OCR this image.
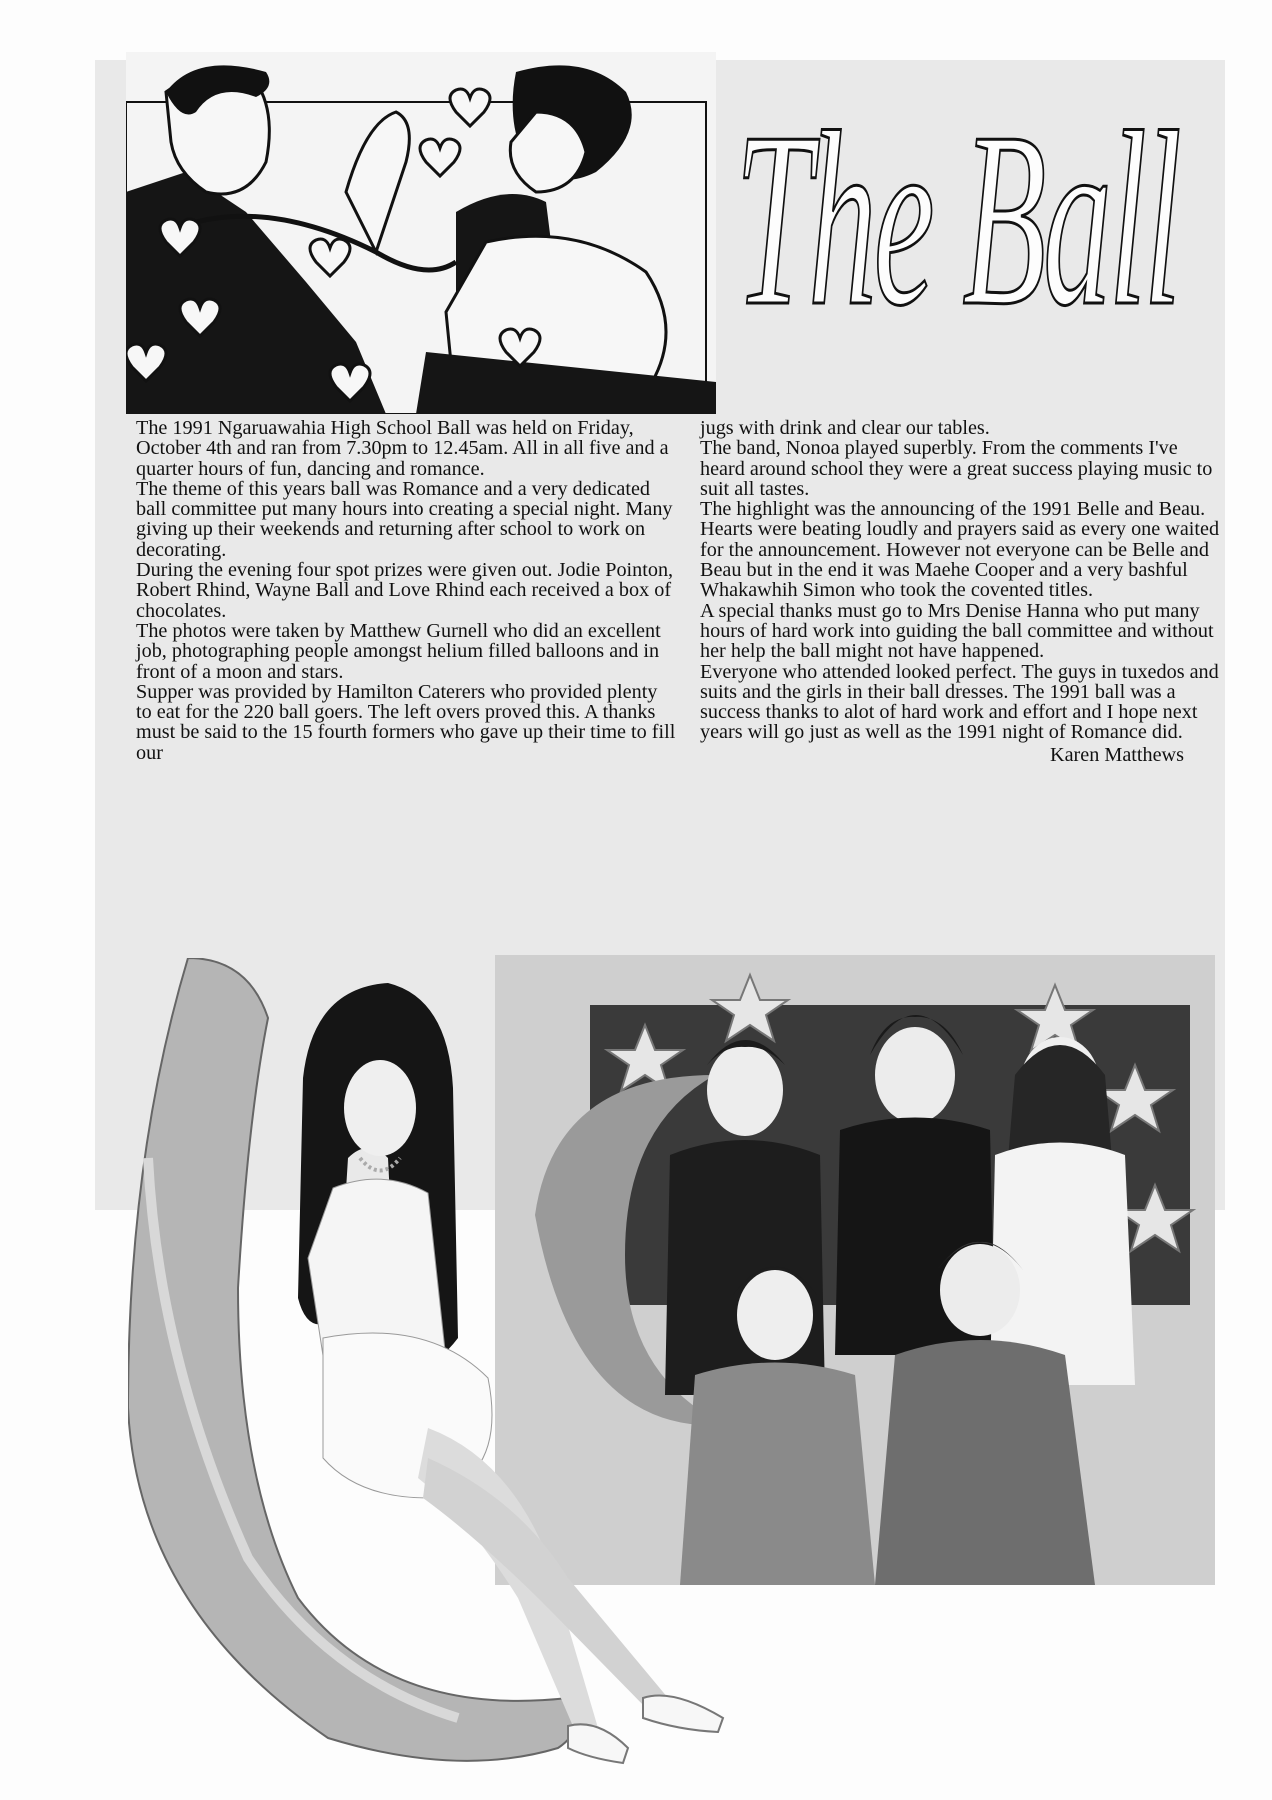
The Ball

The 1991 Ngaruawahia High School Ball was held on Friday, October 4th and ran from 7.30pm to 12.45am. All in all five and a quarter hours of fun, dancing and romance.

The theme of this years ball was Romance and a very dedicated ball committee put many hours into creating a special night. Many giving up their weekends and returning after school to work on decorating.

During the evening four spot prizes were given out. Jodie Pointon, Robert Rhind, Wayne Ball and Love Rhind each received a box of chocolates.

The photos were taken by Matthew Gurnell who did an excellent job, photographing people amongst helium filled balloons and in front of a moon and stars.

Supper was provided by Hamilton Caterers who provided plenty to eat for the 220 ball goers. The left overs proved this. A thanks must be said to the 15 fourth formers who gave up their time to fill our

jugs with drink and clear our tables.

The band, Nonoa played superbly. From the comments I've heard around school they were a great success playing music to suit all tastes.

The highlight was the announcing of the 1991 Belle and Beau. Hearts were beating loudly and prayers said as every one waited for the announcement. However not everyone can be Belle and Beau but in the end it was Maehe Cooper and a very bashful Whakawhih Simon who took the covented titles.

A special thanks must go to Mrs Denise Hanna who put many hours of hard work into guiding the ball committee and without her help the ball might not have happened.

Everyone who attended looked perfect. The guys in tuxedos and suits and the girls in their ball dresses. The 1991 ball was a success thanks to alot of hard work and effort and I hope next years will go just as well as the 1991 night of Romance did.

Karen Matthews
